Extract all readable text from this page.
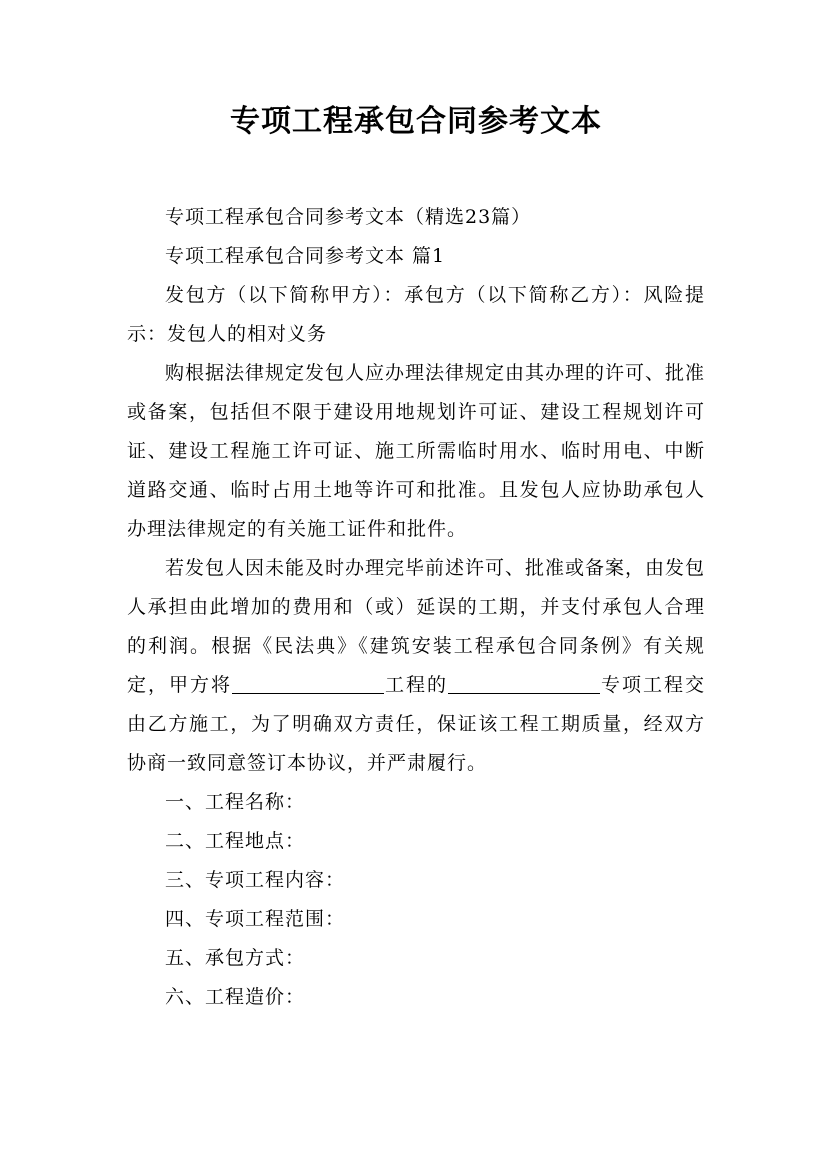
专项工程承包合同参考文本

专项工程承包合同参考文本（精选23篇）

专项工程承包合同参考文本 篇1

发包方（以下简称甲方）：承包方（以下简称乙方）：风险提示：发包人的相对义务

购根据法律规定发包人应办理法律规定由其办理的许可、批准或备案，包括但不限于建设用地规划许可证、建设工程规划许可证、建设工程施工许可证、施工所需临时用水、临时用电、中断道路交通、临时占用土地等许可和批准。且发包人应协助承包人办理法律规定的有关施工证件和批件。

若发包人因未能及时办理完毕前述许可、批准或备案，由发包人承担由此增加的费用和（或）延误的工期，并支付承包人合理的利润。根据《民法典》《建筑安装工程承包合同条例》有关规定，甲方将	工程的	专项工程交由乙方施工，为了明确双方责任，保证该工程工期质量，经双方协商一致同意签订本协议，并严肃履行。

一、工程名称：

二、工程地点：

三、专项工程内容：

四、专项工程范围：

五、承包方式：

六、工程造价：
